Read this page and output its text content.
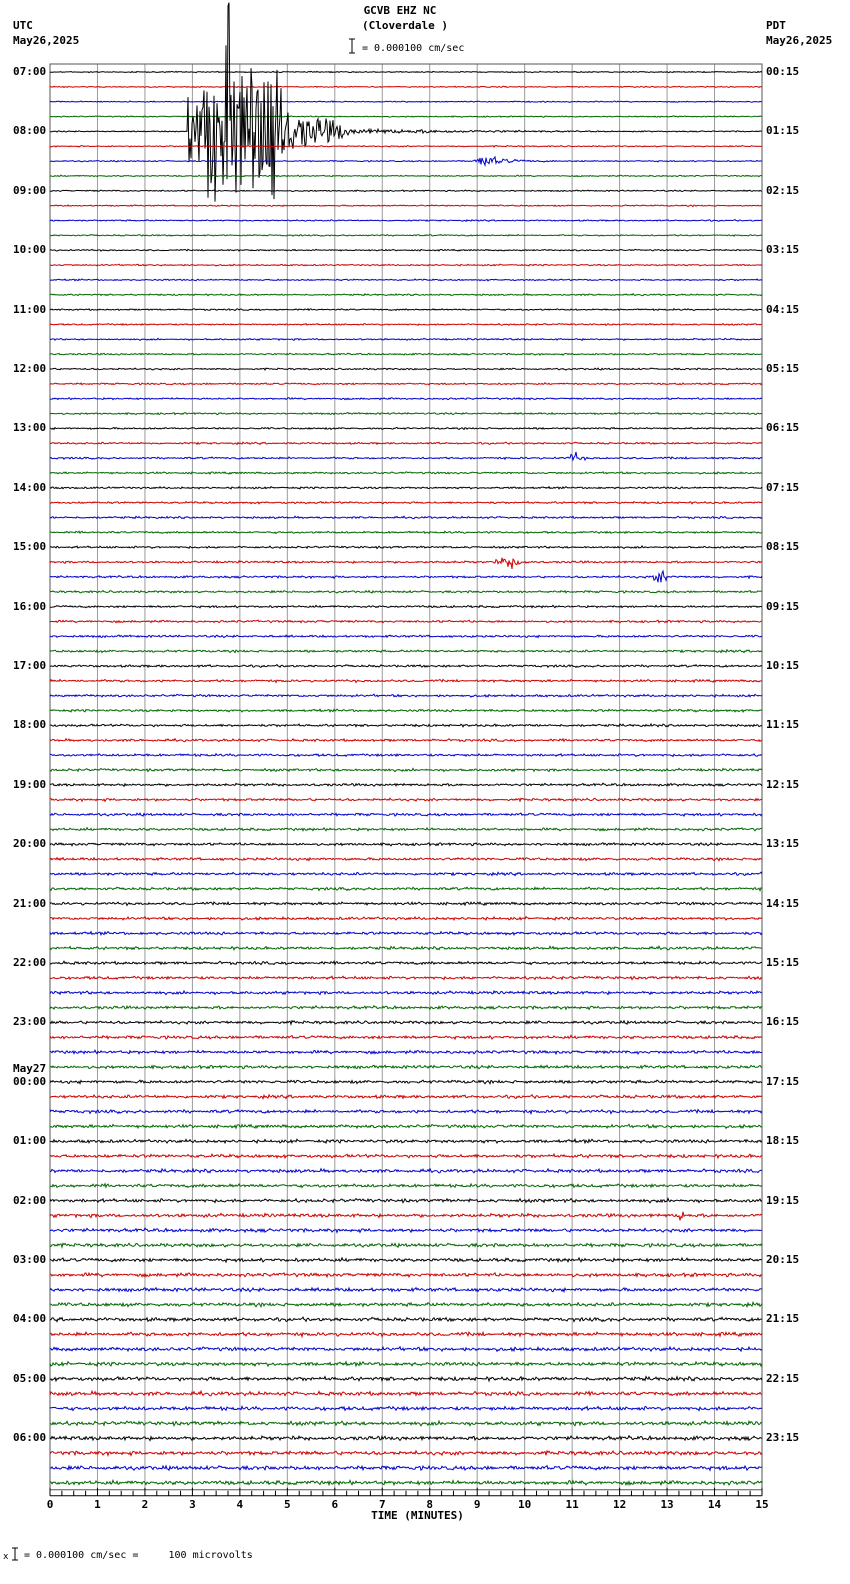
0	1	2	3	4	5	6	7	8	9	10	11	12	13	14	15
GCVB EHZ NC
(Cloverdale )
= 0.000100 cm/sec
UTC
May26,2025
PDT
May26,2025
07:00
08:00
09:00
10:00
11:00
12:00
13:00
14:00
15:00
16:00
17:00
18:00
19:00
20:00
21:00
22:00
23:00
00:00
May27
01:00
02:00
03:00
04:00
05:00
06:00
00:15
01:15
02:15
03:15
04:15
05:15
06:15
07:15
08:15
09:15
10:15
11:15
12:15
13:15
14:15
15:15
16:15
17:15
18:15
19:15
20:15
21:15
22:15
23:15
TIME (MINUTES)
x = 0.000100 cm/sec =     100 microvolts
